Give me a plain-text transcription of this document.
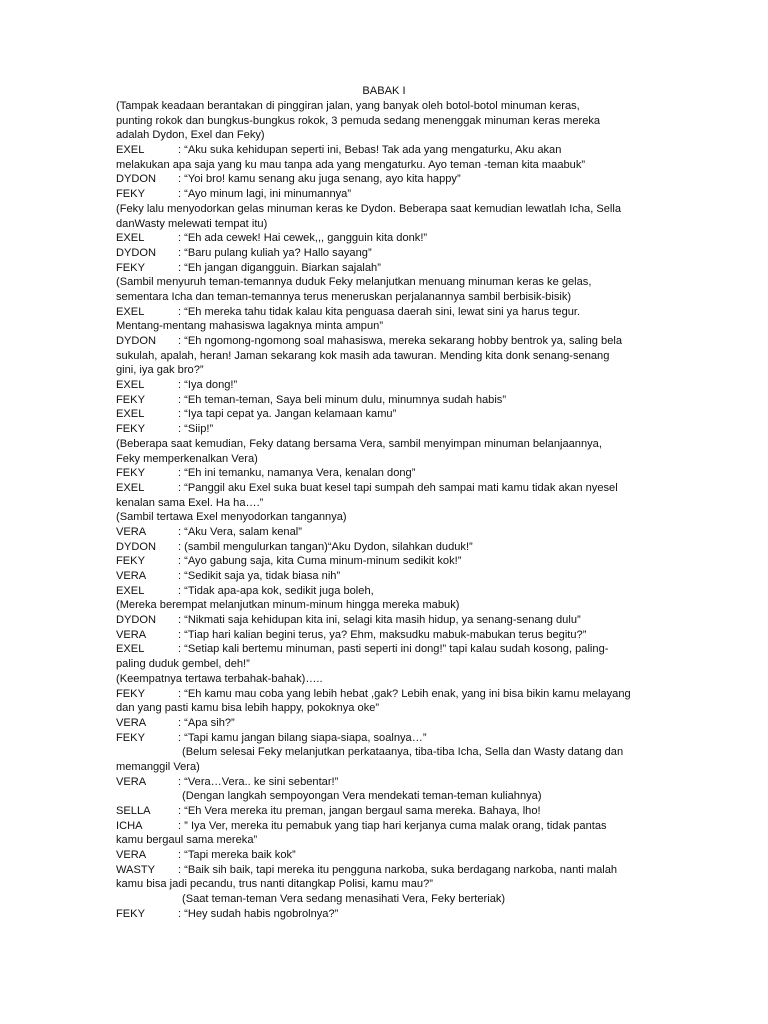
BABAK I
(Tampak keadaan berantakan di pinggiran jalan, yang banyak oleh botol-botol minuman keras,
punting rokok dan bungkus-bungkus rokok, 3 pemuda sedang menenggak minuman keras mereka
adalah Dydon, Exel dan Feky)
EXEL	: “Aku suka kehidupan seperti ini, Bebas! Tak ada yang mengaturku, Aku akan
melakukan apa saja yang ku mau tanpa ada yang mengaturku. Ayo teman -teman kita maabuk”
DYDON : “Yoi bro! kamu senang aku juga senang, ayo kita happy”
FEKY	: “Ayo minum lagi, ini minumannya”
(Feky lalu menyodorkan gelas minuman keras ke Dydon. Beberapa saat kemudian lewatlah Icha, Sella
danWasty melewati tempat itu)
EXEL	: “Eh ada cewek! Hai cewek,,, gangguin kita donk!”
DYDON : “Baru pulang kuliah ya? Hallo sayang”
FEKY	: “Eh jangan digangguin. Biarkan sajalah”
(Sambil menyuruh teman-temannya duduk Feky melanjutkan menuang minuman keras ke gelas,
sementara Icha dan teman-temannya terus meneruskan perjalanannya sambil berbisik-bisik)
EXEL	: “Eh mereka tahu tidak kalau kita penguasa daerah sini, lewat sini ya harus tegur.
Mentang-mentang mahasiswa lagaknya minta ampun”
DYDON : “Eh ngomong-ngomong soal mahasiswa, mereka sekarang hobby bentrok ya, saling bela
sukulah, apalah, heran! Jaman sekarang kok masih ada tawuran. Mending kita donk senang-senang
gini, iya gak bro?”
EXEL	: “Iya dong!”
FEKY	: “Eh teman-teman, Saya beli minum dulu, minumnya sudah habis”
EXEL	: “Iya tapi cepat ya. Jangan kelamaan kamu”
FEKY	: “Siip!”
(Beberapa saat kemudian, Feky datang bersama Vera, sambil menyimpan minuman belanjaannya,
Feky memperkenalkan Vera)
FEKY	: “Eh ini temanku, namanya Vera, kenalan dong”
EXEL	: “Panggil aku Exel suka buat kesel tapi sumpah deh sampai mati kamu tidak akan nyesel
kenalan sama Exel. Ha ha….”
(Sambil tertawa Exel menyodorkan tangannya)
VERA	: “Aku Vera, salam kenal”
DYDON : (sambil mengulurkan tangan)“Aku Dydon, silahkan duduk!”
FEKY	: “Ayo gabung saja, kita Cuma minum-minum sedikit kok!”
VERA	: “Sedikit saja ya, tidak biasa nih”
EXEL	: “Tidak apa-apa kok, sedikit juga boleh,
(Mereka berempat melanjutkan minum-minum hingga mereka mabuk)
DYDON : “Nikmati saja kehidupan kita ini, selagi kita masih hidup, ya senang-senang dulu”
VERA	: “Tiap hari kalian begini terus, ya? Ehm, maksudku mabuk-mabukan terus begitu?”
EXEL	: “Setiap kali bertemu minuman, pasti seperti ini dong!” tapi kalau sudah kosong, paling-
paling duduk gembel, deh!”
(Keempatnya tertawa terbahak-bahak)…..
FEKY	: “Eh kamu mau coba yang lebih hebat ,gak? Lebih enak, yang ini bisa bikin kamu melayang
dan yang pasti kamu bisa lebih happy, pokoknya oke”
VERA	: “Apa sih?”
FEKY	: “Tapi kamu jangan bilang siapa-siapa, soalnya…”
(Belum selesai Feky melanjutkan perkataanya, tiba-tiba Icha, Sella dan Wasty datang dan
memanggil Vera)
VERA	: “Vera…Vera.. ke sini sebentar!”
(Dengan langkah sempoyongan Vera mendekati teman-teman kuliahnya)
SELLA : “Eh Vera mereka itu preman, jangan bergaul sama mereka. Bahaya, lho!
ICHA	: ” Iya Ver, mereka itu pemabuk yang tiap hari kerjanya cuma malak orang, tidak pantas
kamu bergaul sama mereka”
VERA	: “Tapi mereka baik kok”
WASTY : “Baik sih baik, tapi mereka itu pengguna narkoba, suka berdagang narkoba, nanti malah
kamu bisa jadi pecandu, trus nanti ditangkap Polisi, kamu mau?”
(Saat teman-teman Vera sedang menasihati Vera, Feky berteriak)
FEKY	: “Hey sudah habis ngobrolnya?”
